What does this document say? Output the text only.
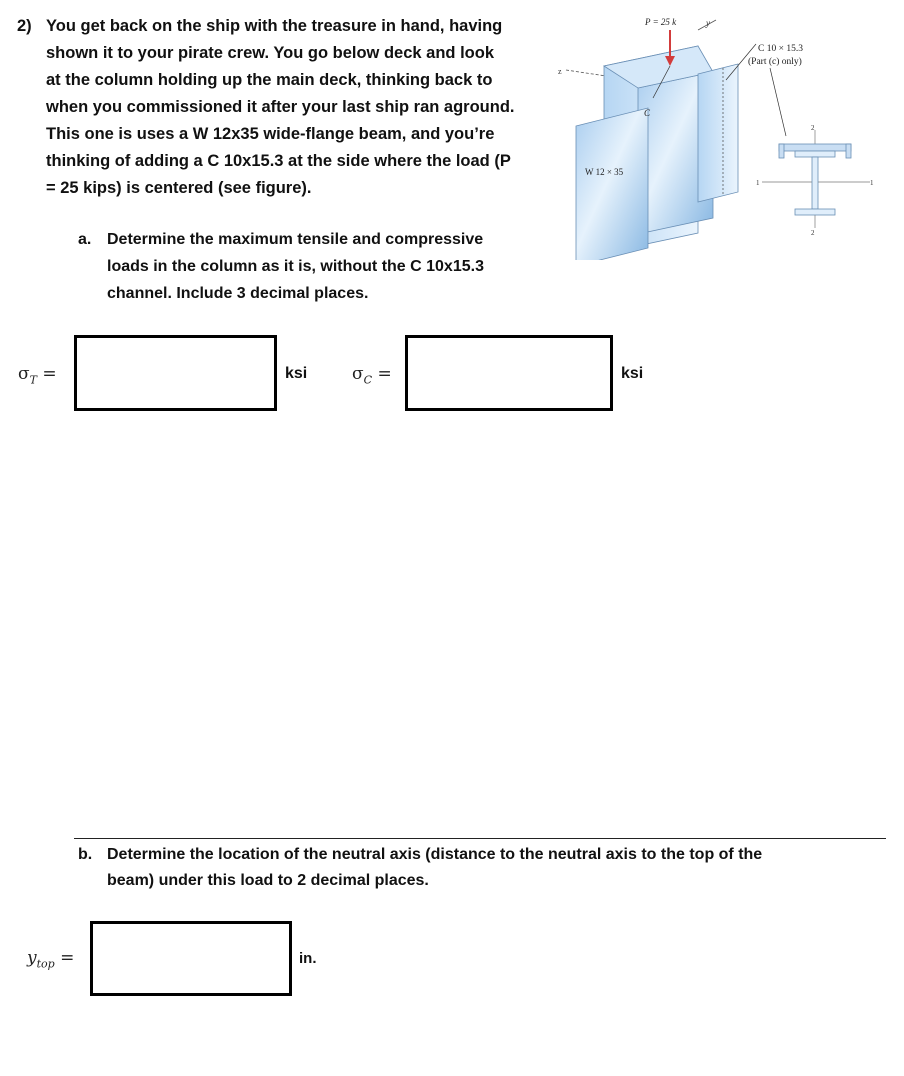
2) You get back on the ship with the treasure in hand, having
shown it to your pirate crew. You go below deck and look
at the column holding up the main deck, thinking back to
when you commissioned it after your last ship ran aground.
This one is uses a W 12x35 wide-flange beam, and you’re
thinking of adding a C 10x15.3 at the side where the load (P
= 25 kips) is centered (see figure).
z
y
P = 25 k
C
W 12 × 35
C 10 × 15.3
(Part (c) only)
1	1
2
2
a. Determine the maximum tensile and compressive
loads in the column as it is, without the C 10x15.3
channel. Include 3 decimal places.
$\sigma_T$ =	ksi	$\sigma_C$ =	ksi
b. Determine the location of the neutral axis (distance to the neutral axis to the top of the
beam) under this load to 2 decimal places.
$y_{top}$ =	in.
